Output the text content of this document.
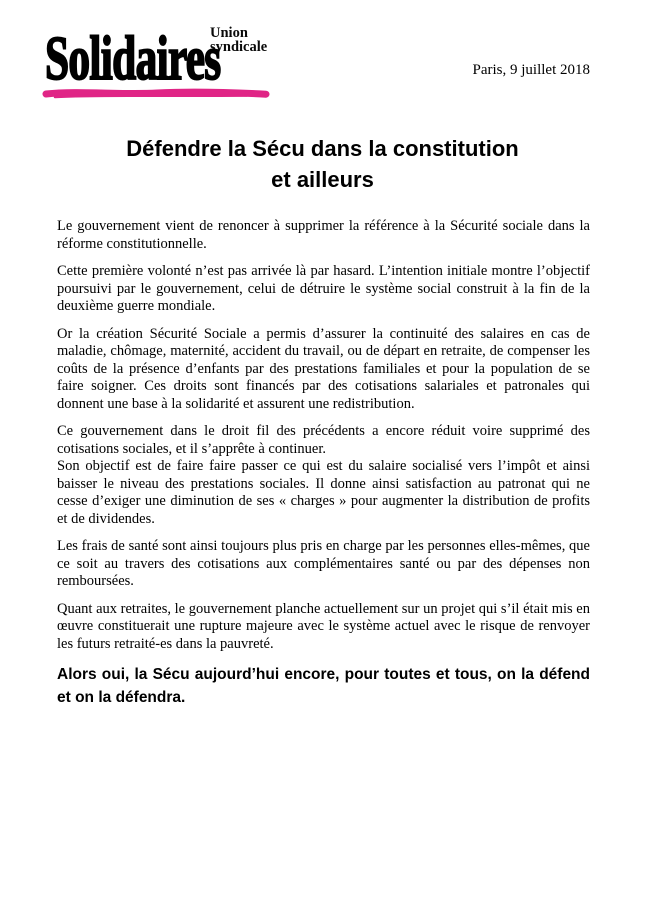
Union
syndicale
Solidaires	Paris, 9 juillet 2018
Défendre la Sécu dans la constitution
et ailleurs

Le gouvernement vient de renoncer à supprimer la référence à la Sécurité sociale dans la réforme constitutionnelle.

Cette première volonté n’est pas arrivée là par hasard. L’intention initiale montre l’objectif poursuivi par le gouvernement, celui de détruire le système social construit à la fin de la deuxième guerre mondiale.

Or la création Sécurité Sociale a permis d’assurer la continuité des salaires en cas de maladie, chômage, maternité, accident du travail, ou de départ en retraite, de compenser les coûts de la présence d’enfants par des prestations familiales et pour la population de se faire soigner. Ces droits sont financés par des cotisations salariales et patronales qui donnent une base à la solidarité et assurent une redistribution.

Ce gouvernement dans le droit fil des précédents a encore réduit voire supprimé des cotisations sociales, et il s’apprête à continuer.

Son objectif est de faire faire passer ce qui est du salaire socialisé vers l’impôt et ainsi baisser le niveau des prestations sociales. Il donne ainsi satisfaction au patronat qui ne cesse d’exiger une diminution de ses « charges » pour augmenter la distribution de profits et de dividendes.

Les frais de santé sont ainsi toujours plus pris en charge par les personnes elles-mêmes, que ce soit au travers des cotisations aux complémentaires santé ou par des dépenses non remboursées.

Quant aux retraites, le gouvernement planche actuellement sur un projet qui s’il était mis en œuvre constituerait une rupture majeure avec le système actuel avec le risque de renvoyer les futurs retraité-es dans la pauvreté.

Alors oui, la Sécu aujourd’hui encore, pour toutes et tous, on la défend et on la défendra.
